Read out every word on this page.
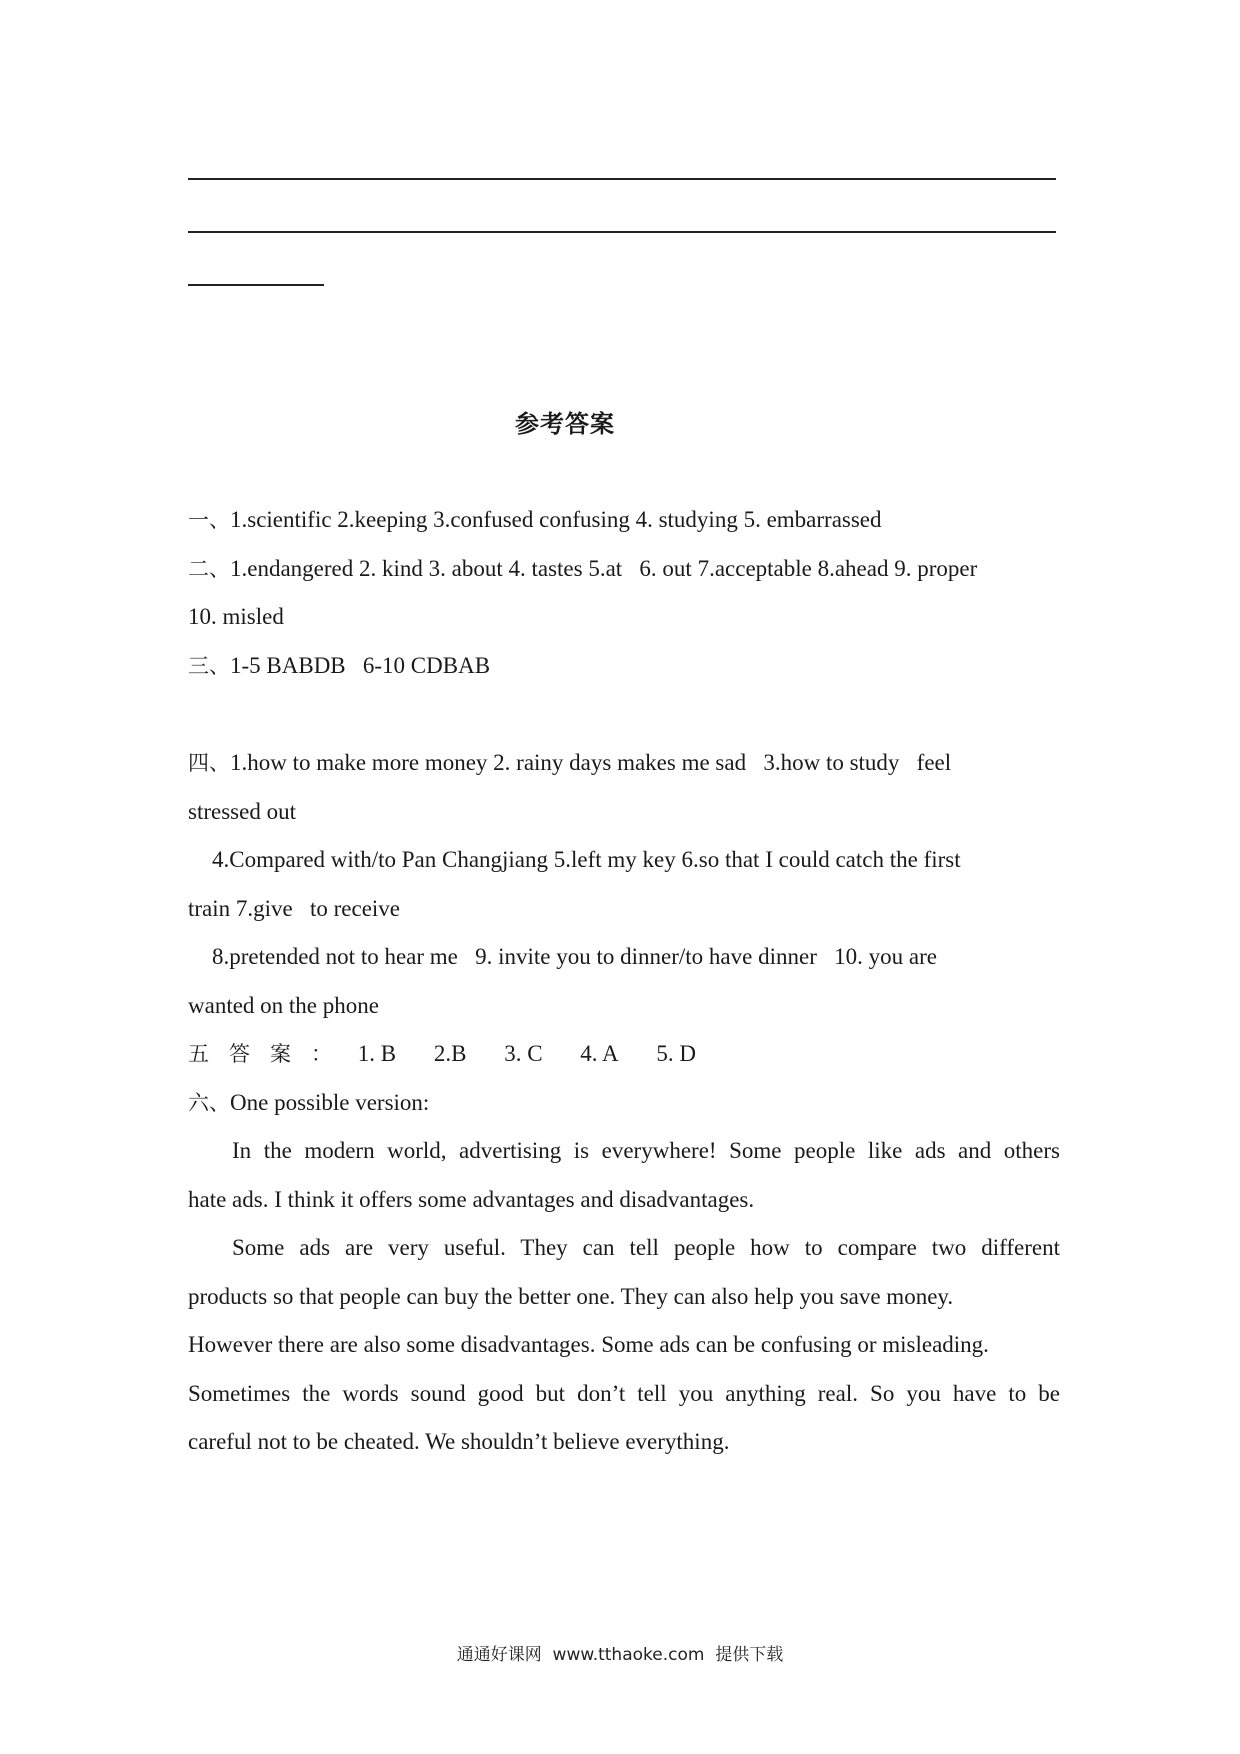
参考答案
一、1.scientific 2.keeping 3.confused confusing 4. studying 5. embarrassed
二、1.endangered 2. kind 3. about 4. tastes 5.at   6. out 7.acceptable 8.ahead 9. proper
10. misled
三、1-5 BABDB   6-10 CDBAB
四、1.how to make more money 2. rainy days makes me sad   3.how to study   feel
stressed out
4.Compared with/to Pan Changjiang 5.left my key 6.so that I could catch the first
train 7.give   to receive
8.pretended not to hear me   9. invite you to dinner/to have dinner   10. you are
wanted on the phone
五答案： 1. B 2.B 3. C 4. A 5. D
六、One possible version:
In the modern world, advertising is everywhere! Some people like ads and others
hate ads. I think it offers some advantages and disadvantages.
Some ads are very useful. They can tell people how to compare two different
products so that people can buy the better one. They can also help you save money.
However there are also some disadvantages. Some ads can be confusing or misleading.
Sometimes the words sound good but don’t tell you anything real. So you have to be
careful not to be cheated. We shouldn’t believe everything.
通通好课网  www.tthaoke.com  提供下载
